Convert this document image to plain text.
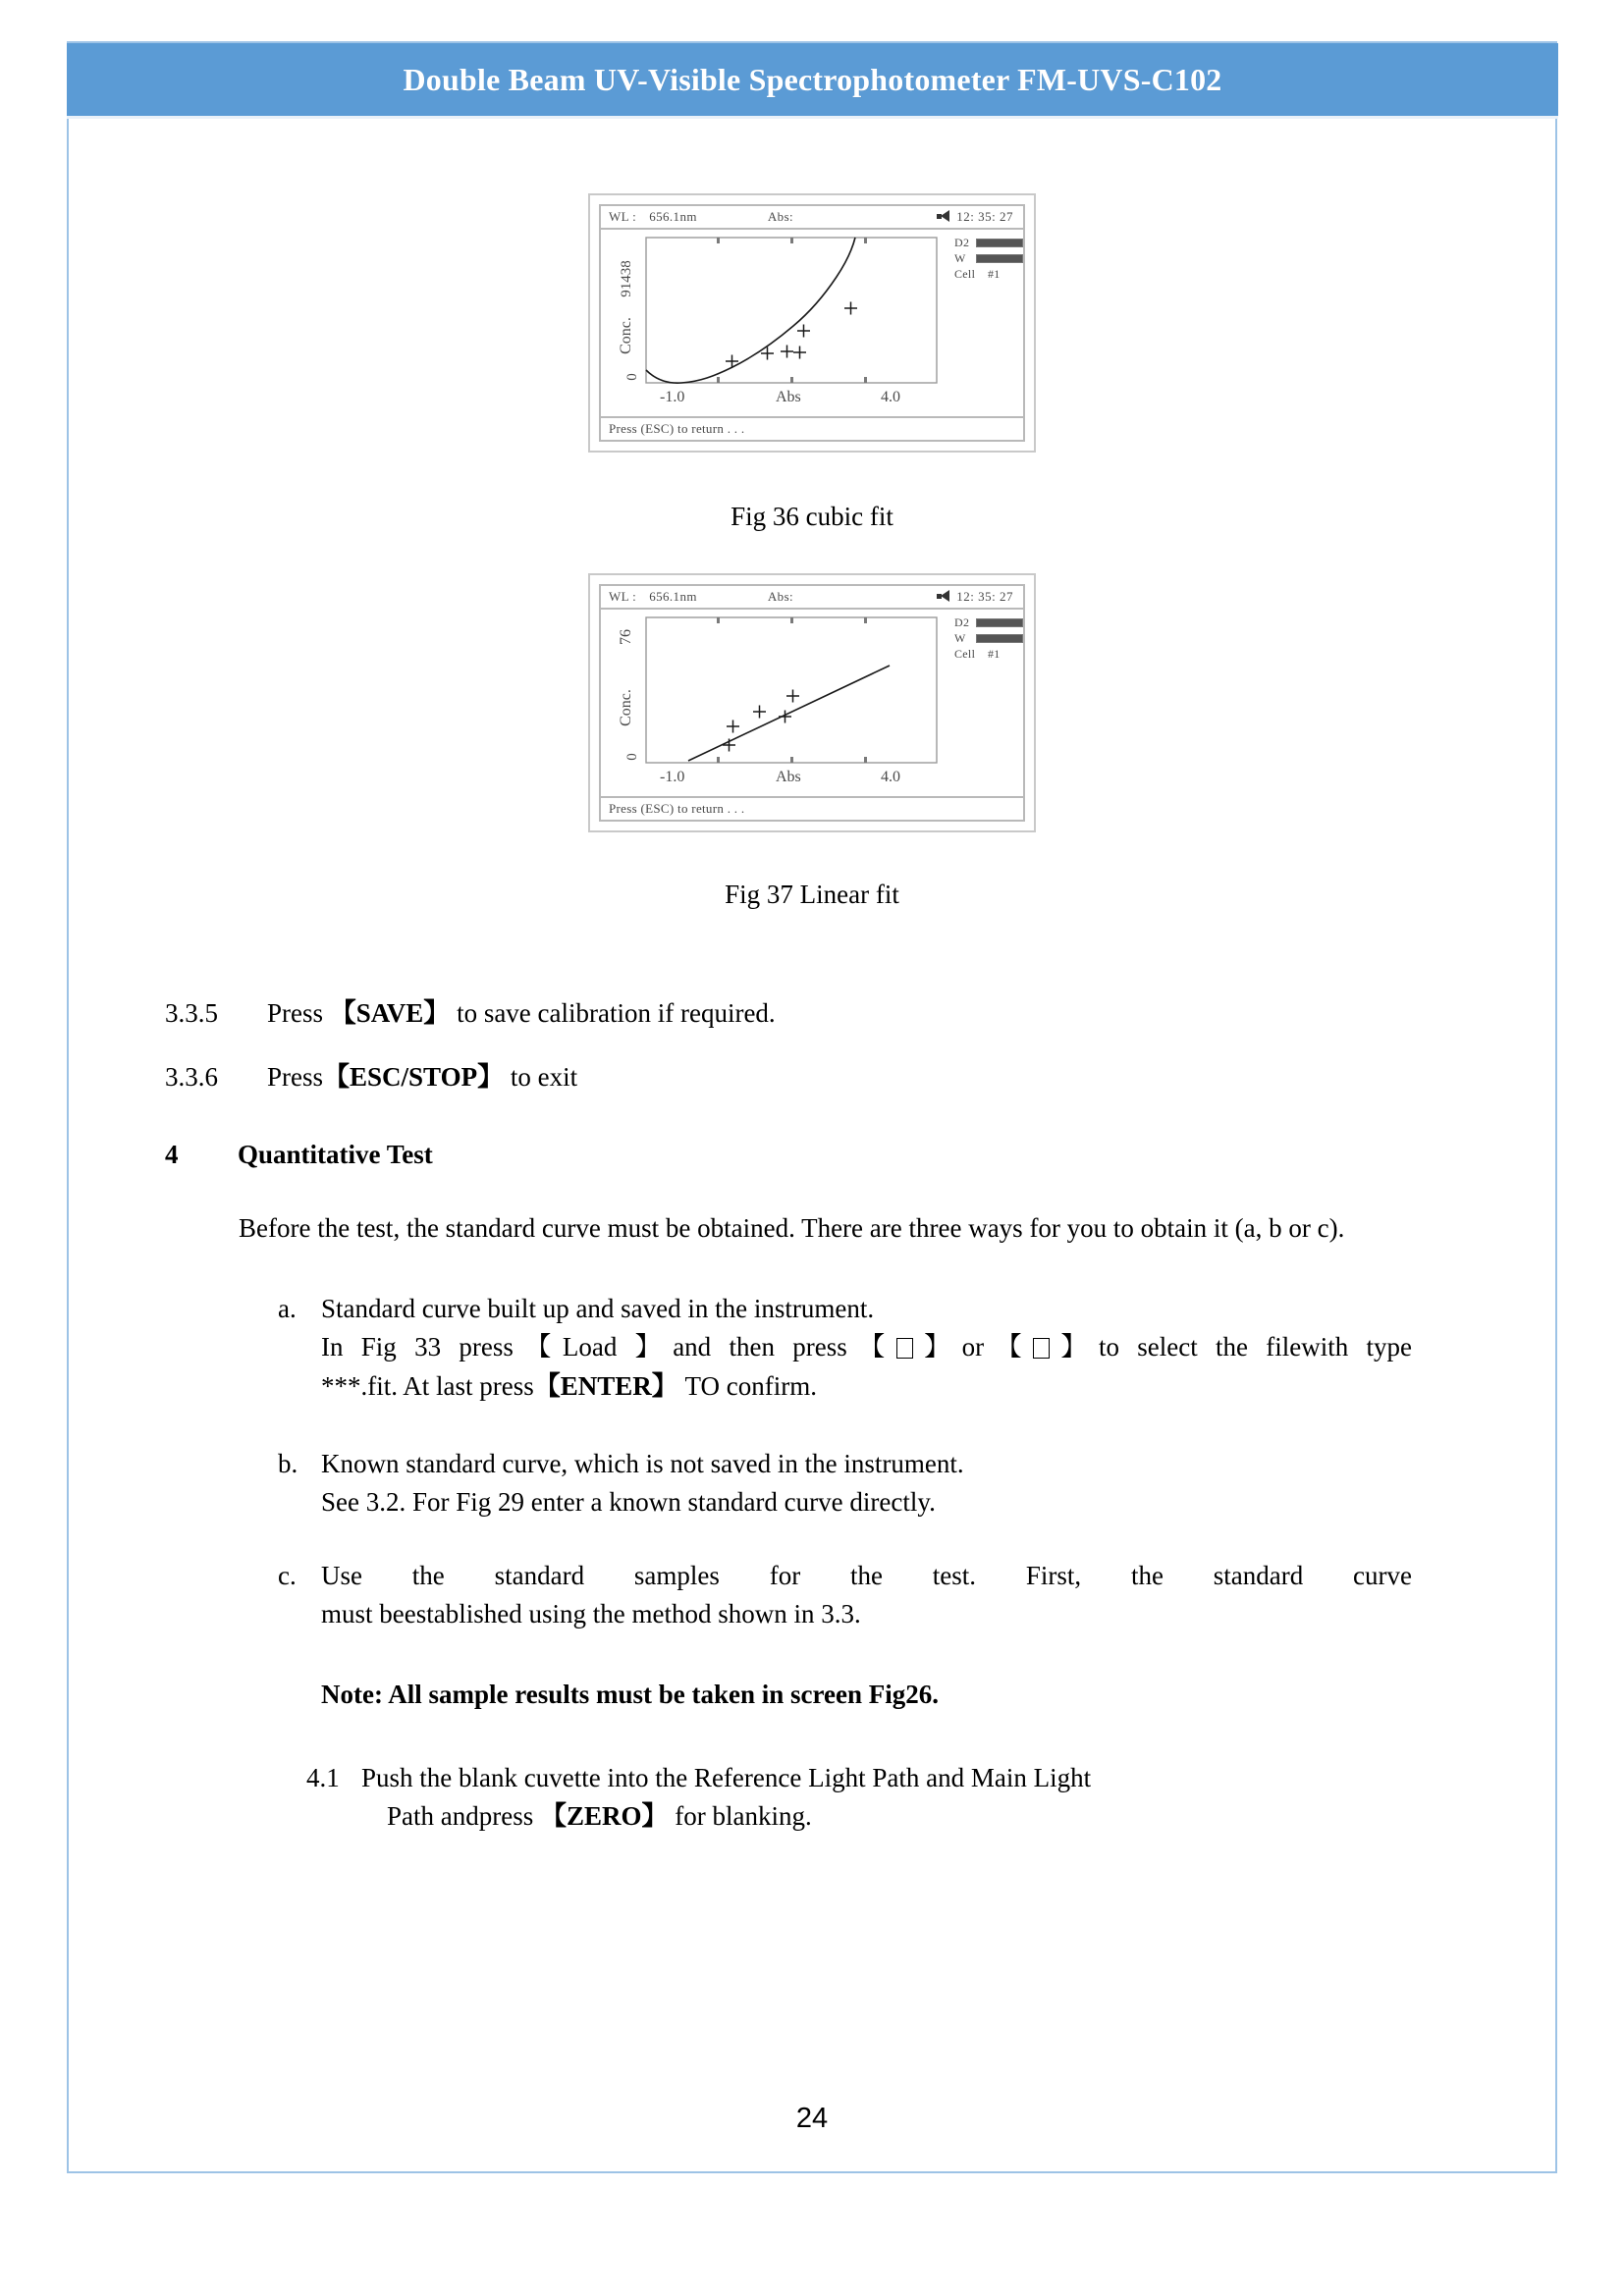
Double Beam UV-Visible Spectrophotometer FM-UVS-C102
WL : 656.1nm	Abs:	12: 35: 27
91438
0
Conc.
-1.0	Abs	4.0
D2
W
Cell	#1
Press (ESC) to return . . .

Fig 36 cubic fit

WL : 656.1nm	Abs:	12: 35: 27
76
0
Conc.
-1.0	Abs	4.0
D2
W
Cell	#1
Press (ESC) to return . . .

Fig 37 Linear fit

3.3.5	Press 【SAVE】 to save calibration if required.
3.3.6	Press【ESC/STOP】 to exit
4	Quantitative Test

Before the test, the standard curve must be obtained. There are three ways for you to obtain it (a, b or c).

a. Standard curve built up and saved in the instrument.
In Fig 33 press【Load 】and then press【 】or【 】to select the filewith type
***.fit. At last press【ENTER】 TO confirm.
b. Known standard curve, which is not saved in the instrument.
See 3.2. For Fig 29 enter a known standard curve directly.
c. Use the standard samples for the test. First, the standard curve
must beestablished using the method shown in 3.3.

Note: All sample results must be taken in screen Fig26.

4.1 Push the blank cuvette into the Reference Light Path and Main Light
Path andpress 【ZERO】 for blanking.
24
